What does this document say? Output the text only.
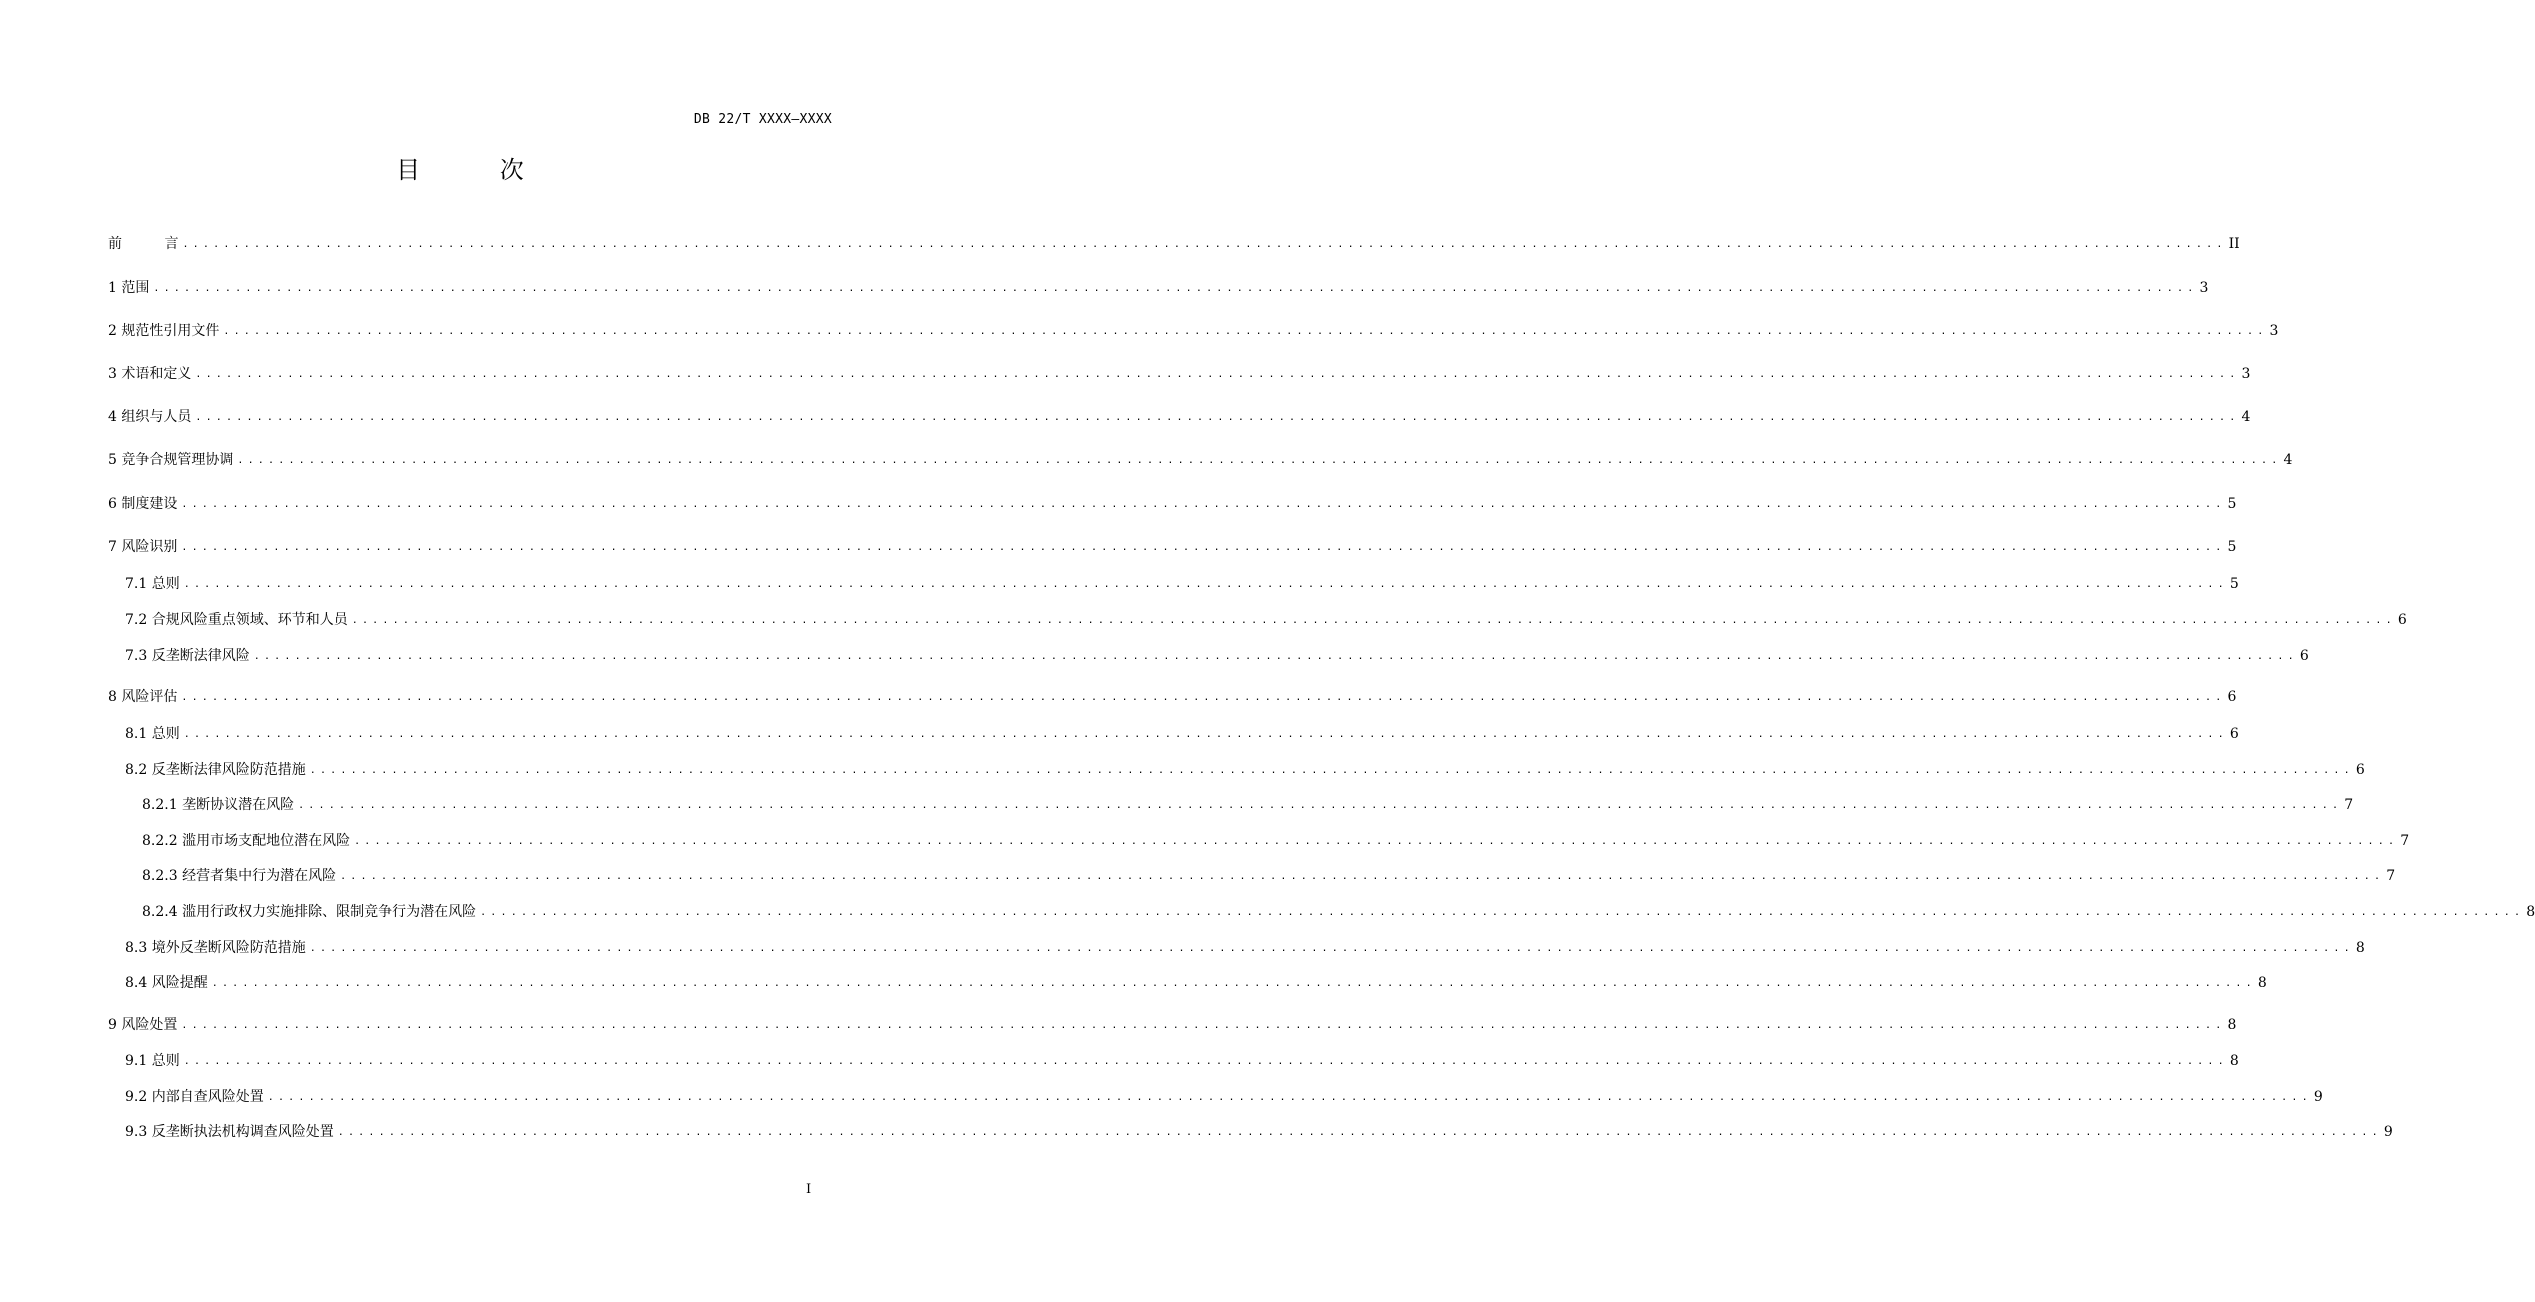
DB 22/T XXXX—XXXX
目 次
前 言 ........................................................................................................................................................................................................ II
1 范围 ........................................................................................................................................................................................................ 3
2 规范性引用文件 ........................................................................................................................................................................................................ 3
3 术语和定义 ........................................................................................................................................................................................................ 3
4 组织与人员 ........................................................................................................................................................................................................ 4
5 竞争合规管理协调 ........................................................................................................................................................................................................ 4
6 制度建设 ........................................................................................................................................................................................................ 5
7 风险识别 ........................................................................................................................................................................................................ 5
7.1 总则 ........................................................................................................................................................................................................ 5
7.2 合规风险重点领域、环节和人员 ........................................................................................................................................................................................................ 6
7.3 反垄断法律风险 ........................................................................................................................................................................................................ 6
8 风险评估 ........................................................................................................................................................................................................ 6
8.1 总则 ........................................................................................................................................................................................................ 6
8.2 反垄断法律风险防范措施 ........................................................................................................................................................................................................ 6
8.2.1 垄断协议潜在风险 ........................................................................................................................................................................................................ 7
8.2.2 滥用市场支配地位潜在风险 ........................................................................................................................................................................................................ 7
8.2.3 经营者集中行为潜在风险 ........................................................................................................................................................................................................ 7
8.2.4 滥用行政权力实施排除、限制竞争行为潜在风险 ........................................................................................................................................................................................................ 8
8.3 境外反垄断风险防范措施 ........................................................................................................................................................................................................ 8
8.4 风险提醒 ........................................................................................................................................................................................................ 8
9 风险处置 ........................................................................................................................................................................................................ 8
9.1 总则 ........................................................................................................................................................................................................ 8
9.2 内部自查风险处置 ........................................................................................................................................................................................................ 9
9.3 反垄断执法机构调查风险处置 ........................................................................................................................................................................................................ 9
I
